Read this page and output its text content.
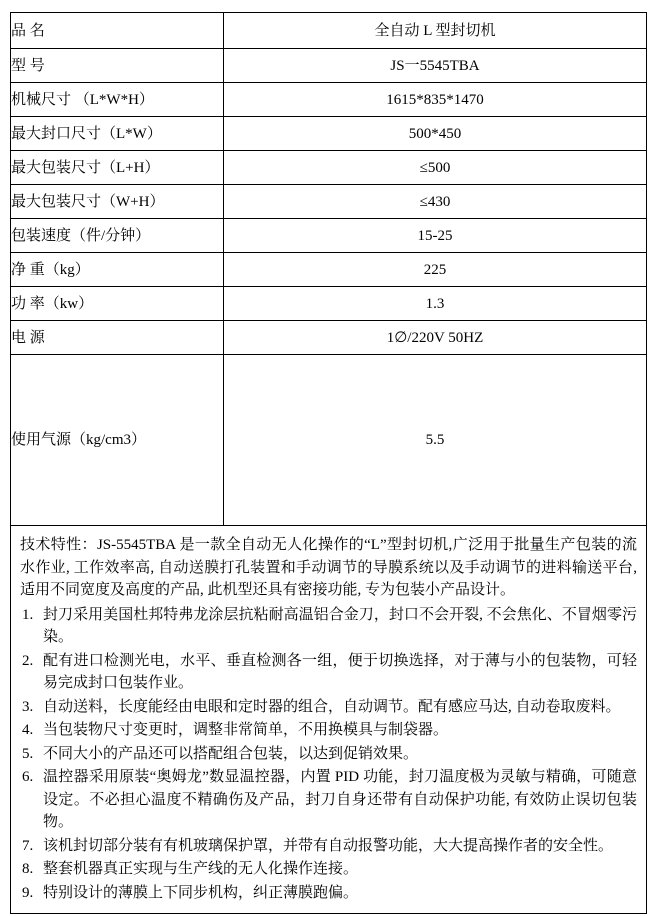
品 名	全自动 L 型封切机
型 号	JS一5545TBA
机械尺寸 （L*W*H）	1615*835*1470
最大封口尺寸（L*W）	500*450
最大包装尺寸（L+H）	≤500
最大包装尺寸（W+H）	≤430
包装速度（件/分钟）	15-25
净 重（kg）	225
功 率（kw）	1.3
电 源	1∅/220V 50HZ
使用气源（kg/cm3）	5.5

技术特性：JS-5545TBA 是一款全自动无人化操作的“L”型封切机,广泛用于批量生产包装的流水作业, 工作效率高, 自动送膜打孔装置和手动调节的导膜系统以及手动调节的进料输送平台, 适用不同宽度及高度的产品, 此机型还具有密接功能, 专为包装小产品设计。

封刀采用美国杜邦特弗龙涂层抗粘耐高温铝合金刀，封口不会开裂, 不会焦化、不冒烟零污染。
配有进口检测光电，水平、垂直检测各一组，便于切换选择，对于薄与小的包装物，可轻易完成封口包装作业。
自动送料，长度能经由电眼和定时器的组合，自动调节。配有感应马达, 自动卷取废料。
当包装物尺寸变更时，调整非常简单，不用换模具与制袋器。
不同大小的产品还可以搭配组合包装，以达到促销效果。
温控器采用原装“奥姆龙”数显温控器，内置 PID 功能，封刀温度极为灵敏与精确，可随意设定。不必担心温度不精确伤及产品，封刀自身还带有自动保护功能, 有效防止误切包装物。
该机封切部分装有有机玻璃保护罩，并带有自动报警功能，大大提高操作者的安全性。
整套机器真正实现与生产线的无人化操作连接。
特别设计的薄膜上下同步机构，纠正薄膜跑偏。
